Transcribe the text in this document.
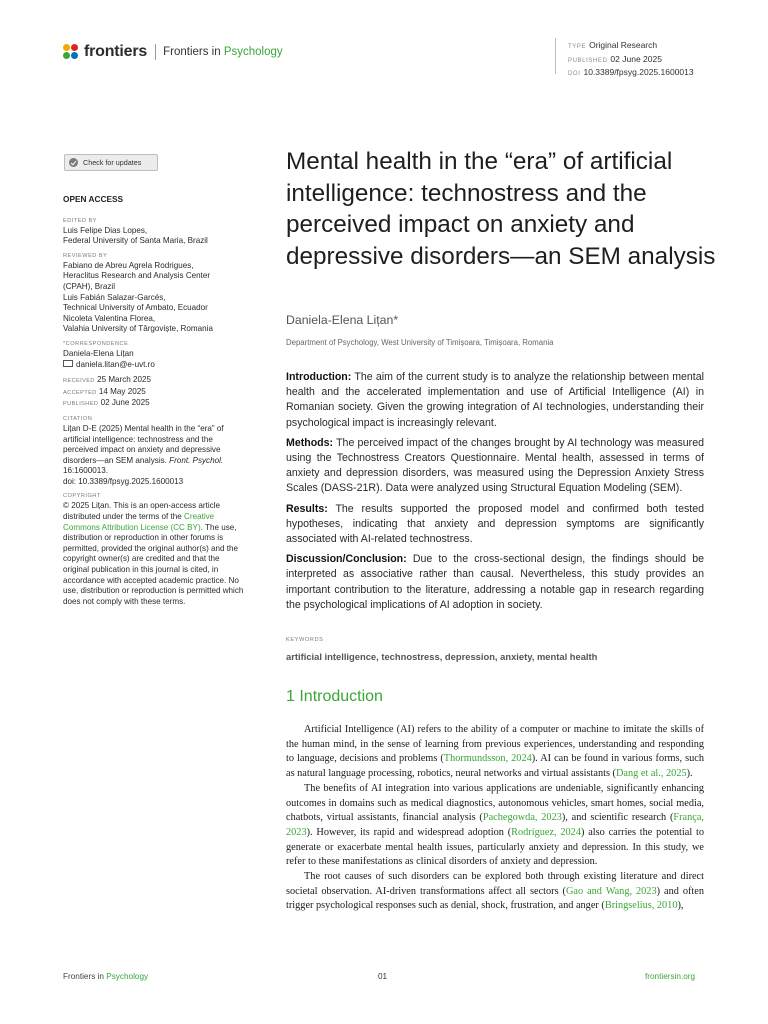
frontiers Frontiers in Psychology	TYPE Original Research
PUBLISHED 02 June 2025
DOI 10.3389/fpsyg.2025.1600013
Check for updates
OPEN ACCESS
EDITED BY
Luis Felipe Dias Lopes,
Federal University of Santa Maria, Brazil
REVIEWED BY
Fabiano de Abreu Agrela Rodrigues,
Heraclitus Research and Analysis Center
(CPAH), Brazil
Luis Fabián Salazar-Garcés,
Technical University of Ambato, Ecuador
Nicoleta Valentina Florea,
Valahia University of Târgoviște, Romania
*CORRESPONDENCE
Daniela-Elena Lițan
daniela.litan@e-uvt.ro
RECEIVED 25 March 2025
ACCEPTED 14 May 2025
PUBLISHED 02 June 2025
CITATION
Lițan D-E (2025) Mental health in the “era” of artificial intelligence: technostress and the perceived impact on anxiety and depressive disorders—an SEM analysis. Front. Psychol. 16:1600013.
doi: 10.3389/fpsyg.2025.1600013
COPYRIGHT
© 2025 Lițan. This is an open-access article distributed under the terms of the Creative Commons Attribution License (CC BY). The use, distribution or reproduction in other forums is permitted, provided the original author(s) and the copyright owner(s) are credited and that the original publication in this journal is cited, in accordance with accepted academic practice. No use, distribution or reproduction is permitted which does not comply with these terms.
Mental health in the “era” of artificial intelligence: technostress and the perceived impact on anxiety and depressive disorders—an SEM analysis
Daniela-Elena Lițan*
Department of Psychology, West University of Timișoara, Timișoara, Romania

Introduction: The aim of the current study is to analyze the relationship between mental health and the accelerated implementation and use of Artificial Intelligence (AI) in Romanian society. Given the growing integration of AI technologies, understanding their psychological impact is increasingly relevant.

Methods: The perceived impact of the changes brought by AI technology was measured using the Technostress Creators Questionnaire. Mental health, assessed in terms of anxiety and depression disorders, was measured using the Depression Anxiety Stress Scales (DASS-21R). Data were analyzed using Structural Equation Modeling (SEM).

Results: The results supported the proposed model and confirmed both tested hypotheses, indicating that anxiety and depression symptoms are significantly associated with AI-related technostress.

Discussion/Conclusion: Due to the cross-sectional design, the findings should be interpreted as associative rather than causal. Nevertheless, this study provides an important contribution to the literature, addressing a notable gap in research regarding the psychological implications of AI adoption in society.

KEYWORDS
artificial intelligence, technostress, depression, anxiety, mental health
1 Introduction

Artificial Intelligence (AI) refers to the ability of a computer or machine to imitate the skills of the human mind, in the sense of learning from previous experiences, understanding and responding to language, decisions and problems (Thormundsson, 2024). AI can be found in various forms, such as natural language processing, robotics, neural networks and virtual assistants (Dang et al., 2025).

The benefits of AI integration into various applications are undeniable, significantly enhancing outcomes in domains such as medical diagnostics, autonomous vehicles, smart homes, social media, chatbots, virtual assistants, financial analysis (Pachegowda, 2023), and scientific research (França, 2023). However, its rapid and widespread adoption (Rodríguez, 2024) also carries the potential to generate or exacerbate mental health issues, particularly anxiety and depression. In this study, we refer to these manifestations as clinical disorders of anxiety and depression.

The root causes of such disorders can be explored both through existing literature and direct societal observation. AI-driven transformations affect all sectors (Gao and Wang, 2023) and often trigger psychological responses such as denial, shock, frustration, and anger (Bringselius, 2010),

Frontiers in Psychology	01	frontiersin.org
